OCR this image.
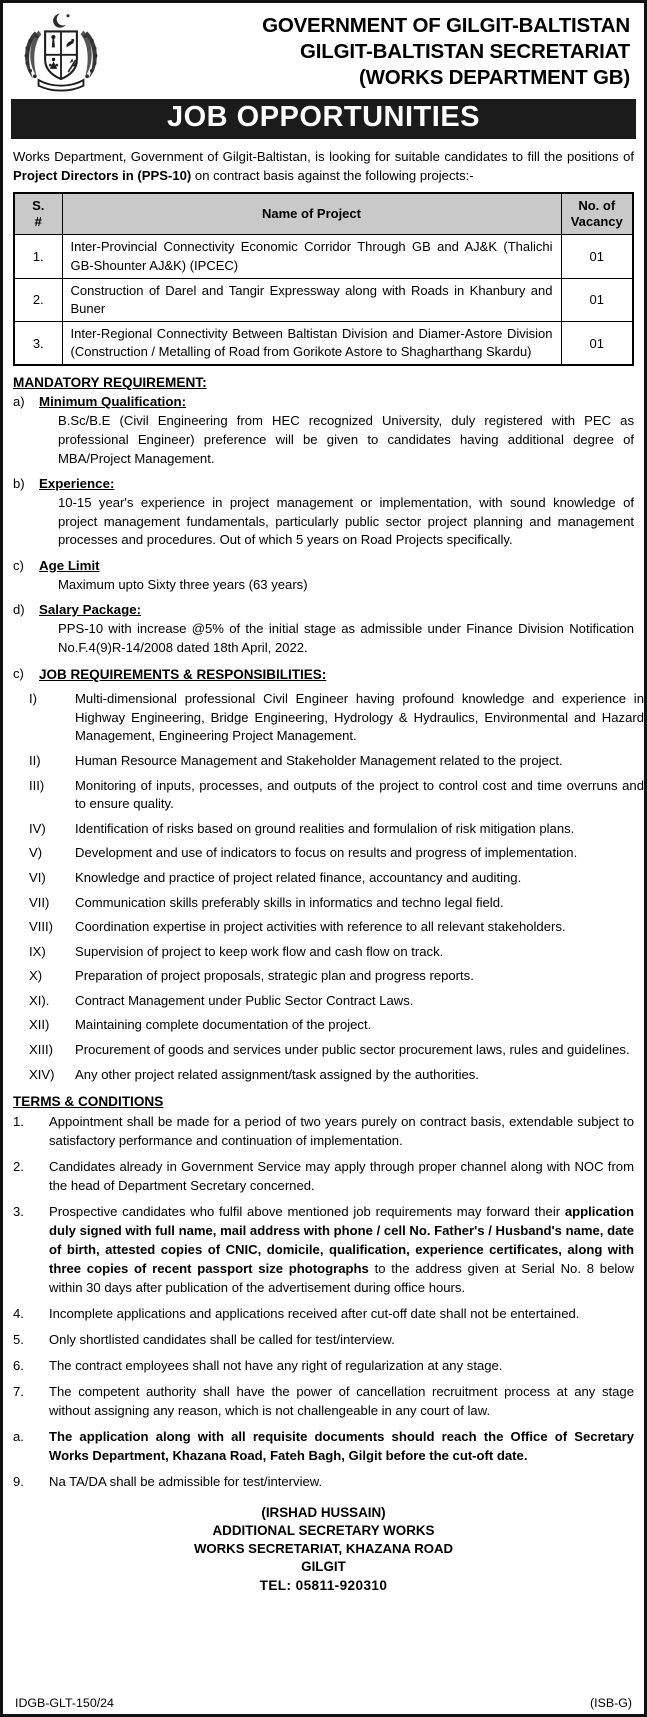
GOVERNMENT OF GILGIT-BALTISTAN
GILGIT-BALTISTAN SECRETARIAT
(WORKS DEPARTMENT GB)
JOB OPPORTUNITIES
Works Department, Government of Gilgit-Baltistan, is looking for suitable candidates to fill the positions of Project Directors in (PPS-10) on contract basis against the following projects:-
S.
#	Name of Project	No. of
Vacancy
1.	Inter-Provincial Connectivity Economic Corridor Through GB and AJ&K (Thalichi GB-Shounter AJ&K) (IPCEC)	01
2.	Construction of Darel and Tangir Expressway along with Roads in Khanbury and Buner	01
3.	Inter-Regional Connectivity Between Baltistan Division and Diamer-Astore Division (Construction / Metalling of Road from Gorikote Astore to Shagharthang Skardu)	01
MANDATORY REQUIREMENT:
a)	Minimum Qualification:
B.Sc/B.E (Civil Engineering from HEC recognized University, duly registered with PEC as professional Engineer) preference will be given to candidates having additional degree of MBA/Project Management.
b)	Experience:
10-15 year's experience in project management or implementation, with sound knowledge of project management fundamentals, particularly public sector project planning and management processes and procedures. Out of which 5 years on Road Projects specifically.
c)	Age Limit
Maximum upto Sixty three years (63 years)
d)	Salary Package:
PPS-10 with increase @5% of the initial stage as admissible under Finance Division Notification No.F.4(9)R-14/2008 dated 18th April, 2022.
c)	JOB REQUIREMENTS & RESPONSIBILITIES:
I)	Multi-dimensional professional Civil Engineer having profound knowledge and experience in Highway Engineering, Bridge Engineering, Hydrology & Hydraulics, Environmental and Hazard Management, Engineering Project Management.
II)	Human Resource Management and Stakeholder Management related to the project.
III)	Monitoring of inputs, processes, and outputs of the project to control cost and time overruns and to ensure quality.
IV)	Identification of risks based on ground realities and formulalion of risk mitigation plans.
V)	Development and use of indicators to focus on results and progress of implementation.
VI)	Knowledge and practice of project related finance, accountancy and auditing.
VII)	Communication skills preferably skills in informatics and techno legal field.
VIII)	Coordination expertise in project activities with reference to all relevant stakeholders.
IX)	Supervision of project to keep work flow and cash flow on track.
X)	Preparation of project proposals, strategic plan and progress reports.
XI).	Contract Management under Public Sector Contract Laws.
XII)	Maintaining complete documentation of the project.
XIII)	Procurement of goods and services under public sector procurement laws, rules and guidelines.
XIV)	Any other project related assignment/task assigned by the authorities.
TERMS & CONDITIONS
1.	Appointment shall be made for a period of two years purely on contract basis, extendable subject to satisfactory performance and continuation of implementation.
2.	Candidates already in Government Service may apply through proper channel along with NOC from the head of Department Secretary concerned.
3.	Prospective candidates who fulfil above mentioned job requirements may forward their application duly signed with full name, mail address with phone / cell No. Father's / Husband's name, date of birth, attested copies of CNIC, domicile, qualification, experience certificates, along with three copies of recent passport size photographs to the address given at Serial No. 8 below within 30 days after publication of the advertisement during office hours.
4.	Incomplete applications and applications received after cut-off date shall not be entertained.
5.	Only shortlisted candidates shall be called for test/interview.
6.	The contract employees shall not have any right of regularization at any stage.
7.	The competent authority shall have the power of cancellation recruitment process at any stage without assigning any reason, which is not challengeable in any court of law.
a.	The application along with all requisite documents should reach the Office of Secretary Works Department, Khazana Road, Fateh Bagh, Gilgit before the cut-oft date.
9.	Na TA/DA shall be admissible for test/interview.
(IRSHAD HUSSAIN)
ADDITIONAL SECRETARY WORKS
WORKS SECRETARIAT, KHAZANA ROAD
GILGIT
TEL: 05811-920310
IDGB-GLT-150/24	(ISB-G)
